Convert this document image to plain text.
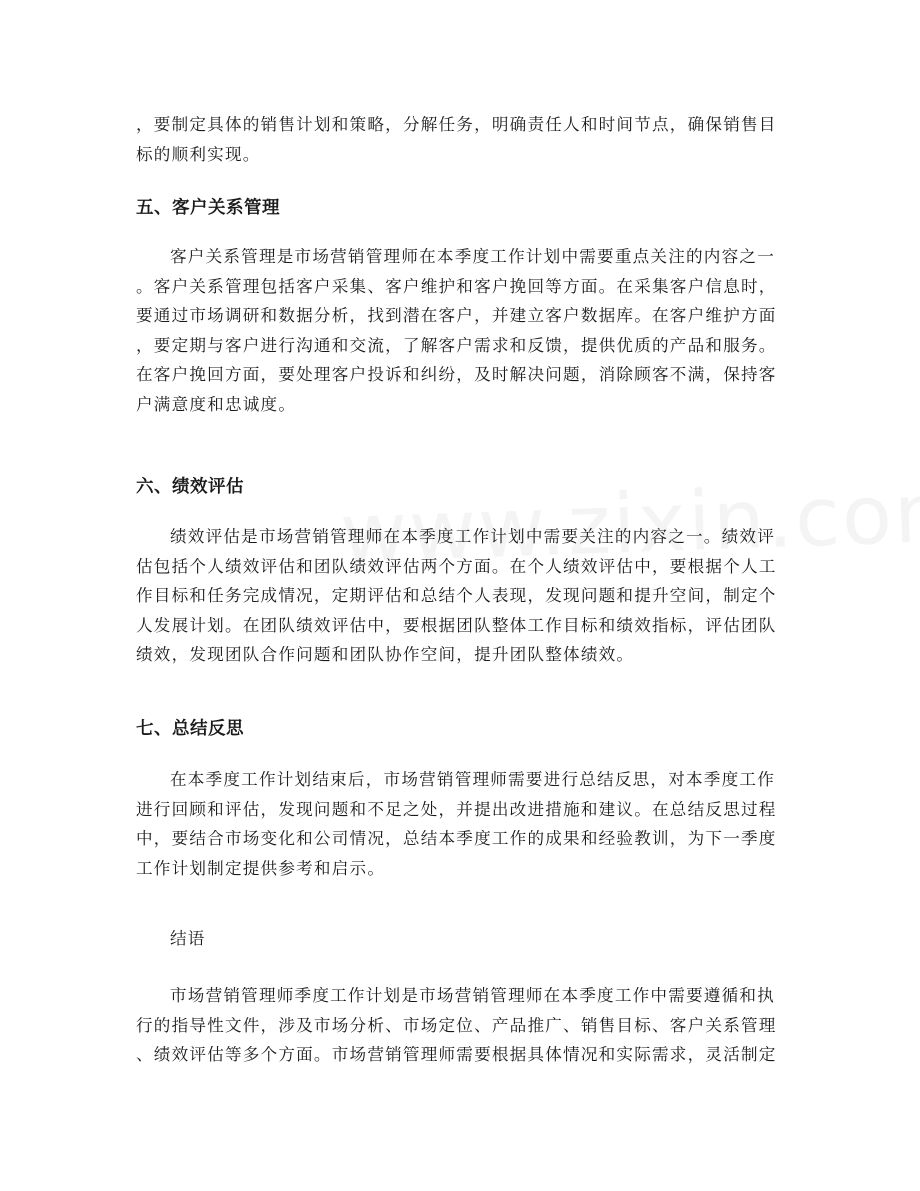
，要制定具体的销售计划和策略，分解任务，明确责任人和时间节点，确保销售目
标的顺利实现。

五、客户关系管理

客户关系管理是市场营销管理师在本季度工作计划中需要重点关注的内容之一
。客户关系管理包括客户采集、客户维护和客户挽回等方面。在采集客户信息时，
要通过市场调研和数据分析，找到潜在客户，并建立客户数据库。在客户维护方面
，要定期与客户进行沟通和交流，了解客户需求和反馈，提供优质的产品和服务。
在客户挽回方面，要处理客户投诉和纠纷，及时解决问题，消除顾客不满，保持客
户满意度和忠诚度。

六、绩效评估

绩效评估是市场营销管理师在本季度工作计划中需要关注的内容之一。绩效评
估包括个人绩效评估和团队绩效评估两个方面。在个人绩效评估中，要根据个人工
作目标和任务完成情况，定期评估和总结个人表现，发现问题和提升空间，制定个
人发展计划。在团队绩效评估中，要根据团队整体工作目标和绩效指标，评估团队
绩效，发现团队合作问题和团队协作空间，提升团队整体绩效。

七、总结反思

在本季度工作计划结束后，市场营销管理师需要进行总结反思，对本季度工作
进行回顾和评估，发现问题和不足之处，并提出改进措施和建议。在总结反思过程
中，要结合市场变化和公司情况，总结本季度工作的成果和经验教训，为下一季度
工作计划制定提供参考和启示。

结语

市场营销管理师季度工作计划是市场营销管理师在本季度工作中需要遵循和执
行的指导性文件，涉及市场分析、市场定位、产品推广、销售目标、客户关系管理
、绩效评估等多个方面。市场营销管理师需要根据具体情况和实际需求，灵活制定
